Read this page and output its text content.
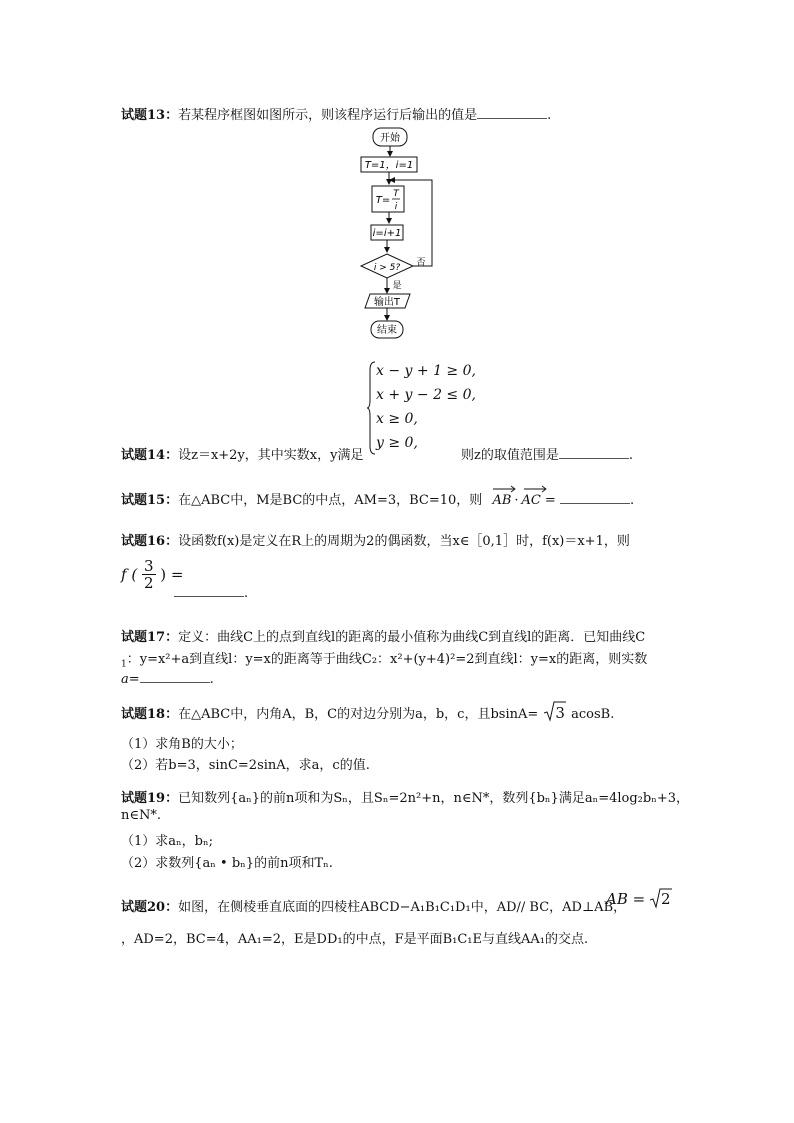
试题13：若某程序框图如图所示，则该程序运行后输出的值是	.
开始
T=1，i=1
T=
T
i
i=i+1
i > 5? 否
是
输出T
结束
x − y + 1 ≥ 0,
x + y − 2 ≤ 0,
x ≥ 0,
y ≥ 0,
试题14：设z＝x+2y，其中实数x，y满足	则z的取值范围是	.
试题15：在△ABC中，M是BC的中点，AM=3，BC=10，则 AB · AC =	.
试题16：设函数f(x)是定义在R上的周期为2的偶函数，当x∈［0,1］时，f(x)＝x+1，则
f ( $\frac{3}{2}$ ) =
.
试题17：定义：曲线C上的点到直线l的距离的最小值称为曲线C到直线l的距离．已知曲线C
$_1$：y=x²+a到直线l：y=x的距离等于曲线C₂：x²+(y+4)²=2到直线l：y=x的距离，则实数
a=	.
试题18：在△ABC中，内角A，B，C的对边分别为a，b，c，且bsinA= 3 acosB.
（1）求角B的大小；
（2）若b=3，sinC=2sinA，求a，c的值.
试题19：已知数列{aₙ}的前n项和为Sₙ，且Sₙ=2n²+n，n∈N*，数列{bₙ}满足aₙ=4log₂bₙ+3，
n∈N*.
（1）求aₙ，bₙ;
（2）求数列{aₙ • bₙ}的前n项和Tₙ.
试题20：如图，在侧棱垂直底面的四棱柱ABCD−A₁B₁C₁D₁中，AD// BC，AD⊥AB，
AB = 2
，AD=2，BC=4，AA₁=2，E是DD₁的中点，F是平面B₁C₁E与直线AA₁的交点.
